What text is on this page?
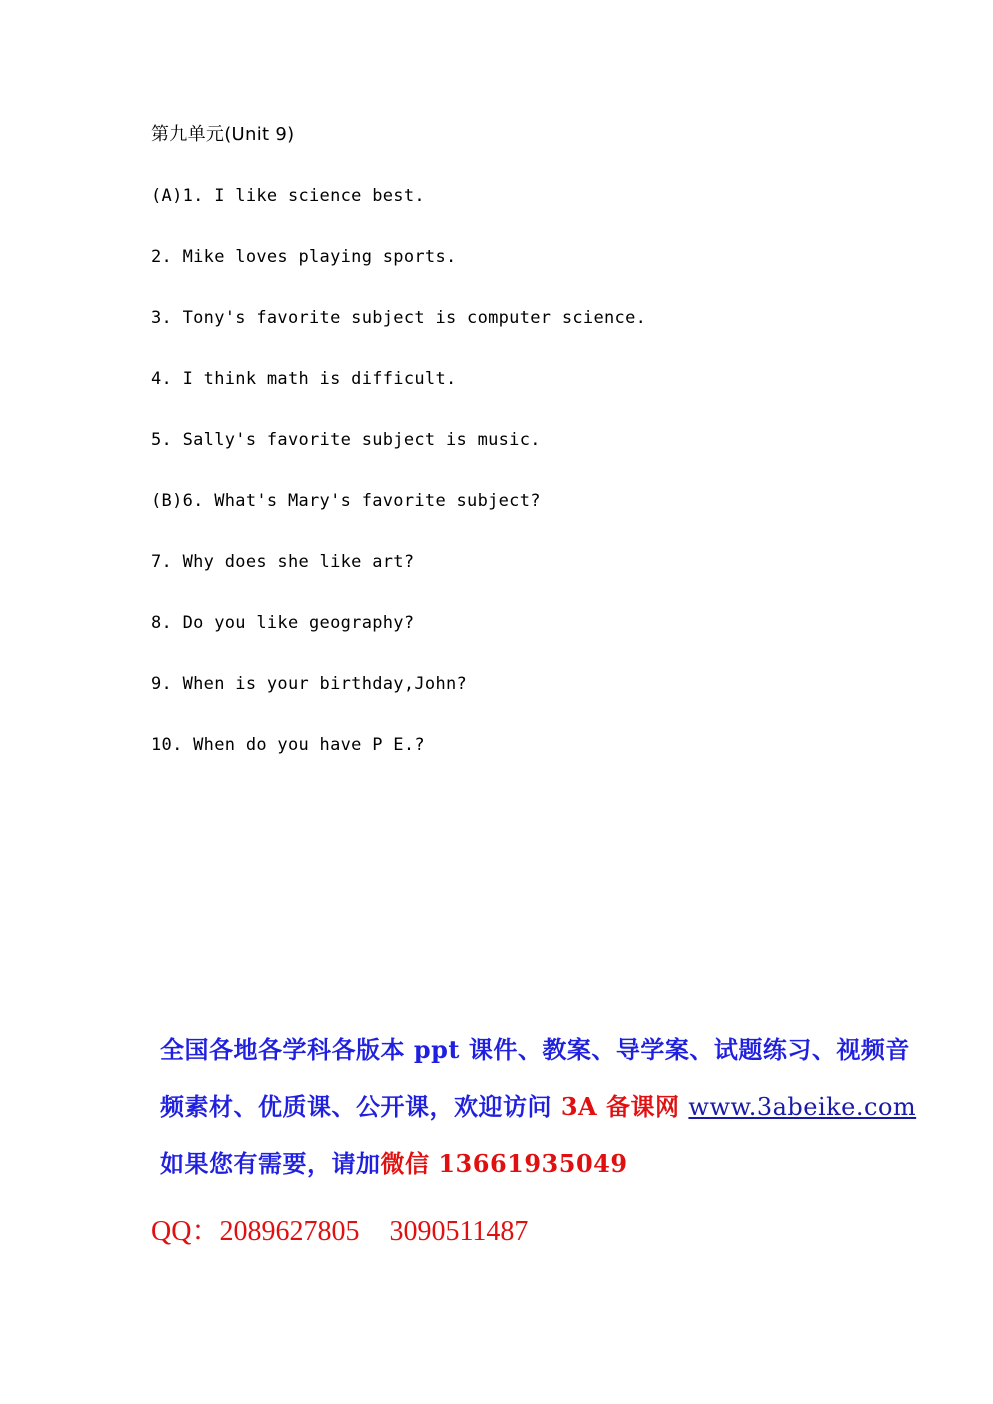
第九单元(Unit 9)
(A)1. I like science best.
2. Mike loves playing sports.
3. Tony's favorite subject is computer science.
4. I think math is difficult.
5. Sally's favorite subject is music.
(B)6. What's Mary's favorite subject?
7. Why does she like art?
8. Do you like geography?
9. When is your birthday,John?
10. When do you have P E.?
全国各地各学科各版本 ppt 课件、教案、导学案、试题练习、视频音
频素材、优质课、公开课，欢迎访问 3A 备课网 www.3abeike.com
如果您有需要，请加微信 13661935049
QQ：2089627805 3090511487
